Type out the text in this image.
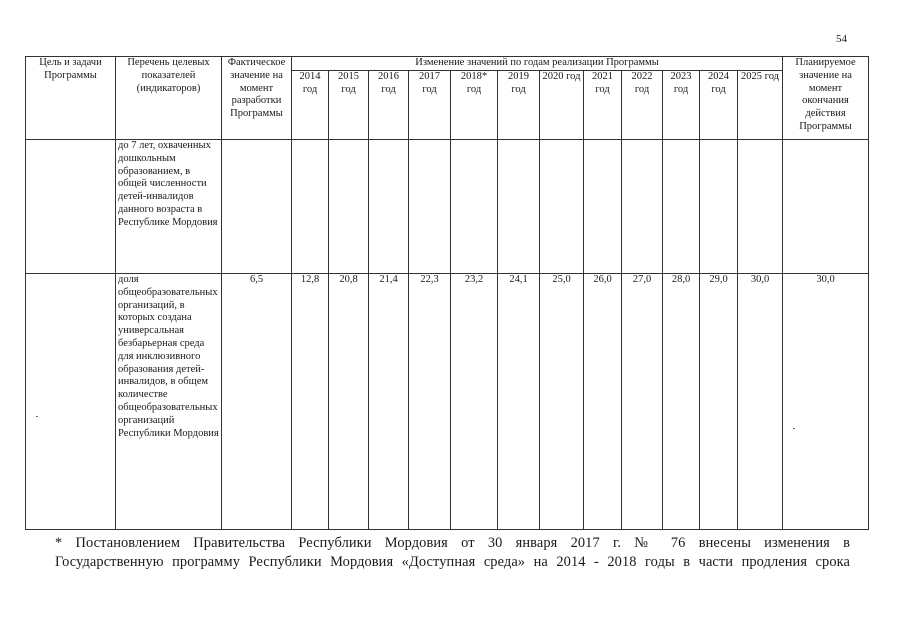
54
Цель и задачи Программы	Перечень целевых показателей (индикаторов)	Фактическое значение на момент разработки Программы	Изменение значений по годам реализации Программы												Планируемое значение на момент окончания действия Программы
			2014 год	2015 год	2016 год	2017 год	2018* год	2019 год	2020 год	2021 год	2022 год	2023 год	2024 год	2025 год	
	до 7 лет, охваченных дошкольным образованием, в общей численности детей-инвалидов данного возраста в Республике Мордовия														
	доля общеобразовательных организаций, в которых создана универсальная безбарьерная среда для инклюзивного образования детей-инвалидов, в общем количестве общеобразовательных организаций Республики Мордовия	6,5	12,8	20,8	21,4	22,3	23,2	24,1	25,0	26,0	27,0	28,0	29,0	30,0	30,0
* Постановлением Правительства Республики Мордовия от 30 января 2017 г. № 76 внесены изменения в
Государственную программу Республики Мордовия «Доступная среда» на 2014 - 2018 годы в части продления срока
